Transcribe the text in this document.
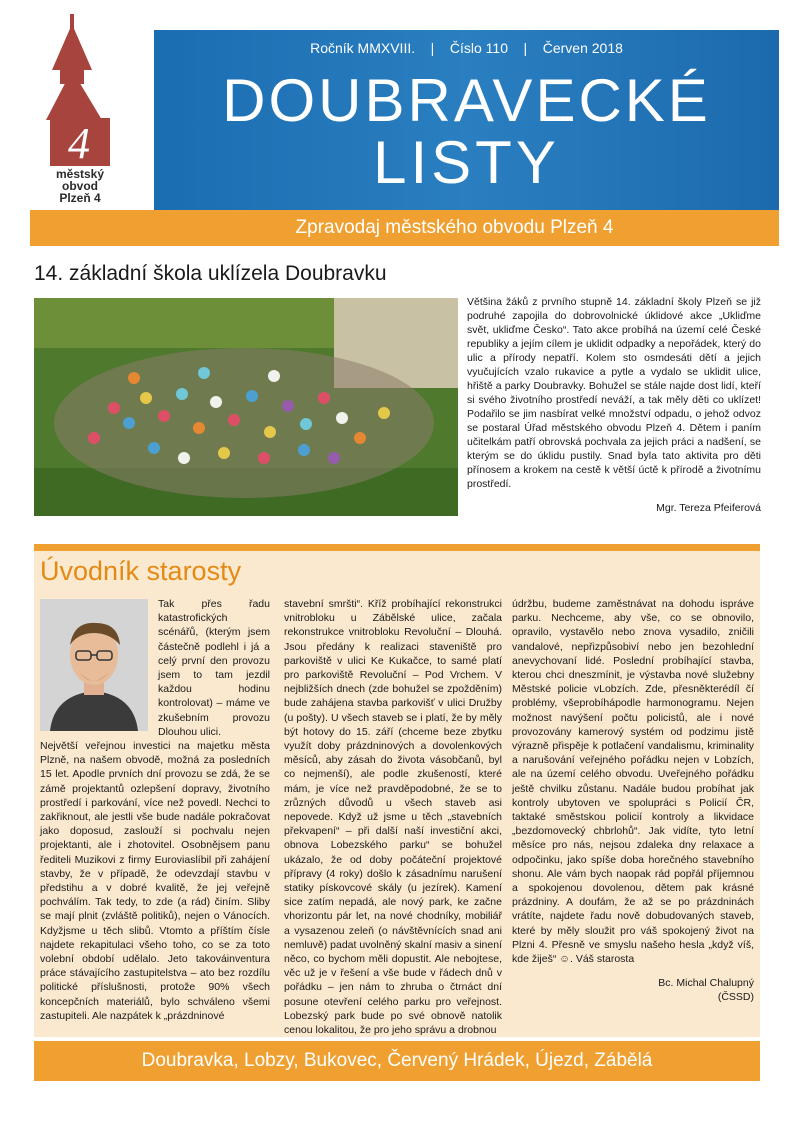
4
městský
obvod
Plzeň 4
Ročník MMXVIII.    |    Číslo 110    |    Červen 2018
DOUBRAVECKÉ
LISTY
Zpravodaj městského obvodu Plzeň 4
14. základní škola uklízela Doubravku
Většina žáků z prvního stupně 14. základní školy Plzeň se již podruhé zapojila do dobrovolnické úklidové akce „Ukliďme svět, ukliďme Česko“. Tato akce probíhá na území celé České republiky a jejím cílem je uklidit odpadky a nepořádek, který do ulic a přírody nepatří. Kolem sto osmdesáti dětí a jejich vyučujících vzalo rukavice a pytle a vydalo se uklidit ulice, hřiště a parky Doubravky. Bohužel se stále najde dost lidí, kteří si svého životního prostředí neváží, a tak měly děti co uklízet! Podařilo se jim nasbírat velké množství odpadu, o jehož odvoz se postaral Úřad městského obvodu Plzeň 4. Dětem i paním učitelkám patří obrovská pochvala za jejich práci a nadšení, se kterým se do úklidu pustily. Snad byla tato aktivita pro děti přínosem a krokem na cestě k větší úctě k přírodě a životnímu prostředí.
Mgr. Tereza Pfeiferová
Úvodník starosty

Tak přes řadu katastrofických scénářů, (kterým jsem částečně podlehl i já a celý první den provozu jsem to tam jezdil každou hodinu kontrolovat) – máme ve zkušebním provozu Dlouhou ulici.

Největší veřejnou investici na majetku města Plzně, na našem obvodě, možná za posledních 15 let. Apodle prvních dní provozu se zdá, že se zámě projektantů ozlepšení dopravy, životního prostředí i parkování, více než povedl. Nechci to zakřiknout, ale jestli vše bude nadále pokračovat jako doposud, zaslouží si pochvalu nejen projektanti, ale i zhotovitel. Osobnějsem panu řediteli Muzikovi z firmy Euroviaslíbil při zahájení stavby, že v případě, že odevzdají stavbu v předstihu a v dobré kvalitě, že jej veřejně pochválím. Tak tedy, to zde (a rád) činím. Sliby se mají plnit (zvláště politiků), nejen o Vánocích. Kdyžjsme u těch slibů. Vtomto a příštím čísle najdete rekapitulaci všeho toho, co se za toto volební období udělalo. Jeto takováinventura práce stávajícího zastupitelstva – ato bez rozdílu politické příslušnosti, protože 90% všech koncepčních materiálů, bylo schváleno všemi zastupiteli. Ale nazpátek k „prázdninové

stavební smršti“. Kříž probíhající rekonstrukci vnitrobloku u Zábělské ulice, začala rekonstrukce vnitrobloku Revoluční – Dlouhá. Jsou předány k realizaci staveniště pro parkoviště v ulici Ke Kukačce, to samé platí pro parkoviště Revoluční – Pod Vrchem. V nejbližších dnech (zde bohužel se zpožděním) bude zahájena stavba parkovišť v ulici Družby (u pošty). U všech staveb se i platí, že by měly být hotovy do 15. září (chceme beze zbytku využít doby prázdninových a dovolenkových měsíců, aby zásah do života vásobčanů, byl co nejmenší), ale podle zkušeností, které mám, je více než pravděpodobné, že se to zrůzných důvodů u všech staveb asi nepovede. Když už jsme u těch „stavebních překvapení“ – při další naší investiční akci, obnova Lobezského parku“ se bohužel ukázalo, že od doby počáteční projektové přípravy (4 roky) došlo k zásadnímu narušení statiky pískovcové skály (u jezírek). Kamení sice zatím nepadá, ale nový park, ke začne vhorizontu pár let, na nové chodníky, mobiliář a vysazenou zeleň (o návštěvnících snad ani nemluvě) padat uvolněný skalní masiv a sinení něco, co bychom měli dopustit. Ale nebojtese, věc už je v řešení a vše bude v řádech dnů v pořádku – jen nám to zhruba o čtrnáct dní posune otevření celého parku pro veřejnost. Lobezský park bude po své obnově natolik cenou lokalitou, že pro jeho správu a drobnou

údržbu, budeme zaměstnávat na dohodu ispráve parku. Nechceme, aby vše, co se obnovilo, opravilo, vystavělo nebo znova vysadilo, zničili vandalové, nepřizpůsobiví nebo jen bezohlední anevychovaní lidé. Poslední probíhající stavba, kterou chci dneszmínit, je výstavba nové služebny Městské policie vLobzích. Zde, přesněkterédíl čí problémy, všeprobíhápodle harmonogramu. Nejen možnost navýšení počtu policistů, ale i nové provozovány kamerový systém od podzimu jistě výrazně přispěje k potlačení vandalismu, kriminality a narušování veřejného pořádku nejen v Lobzích, ale na území celého obvodu. Uveřejného pořádku ještě chvilku zůstanu. Nadále budou probíhat jak kontroly ubytoven ve spolupráci s Policií ČR, taktaké směstskou policií kontroly a likvidace „bezdomovecký chbrlohů“. Jak vidíte, tyto letní měsíce pro nás, nejsou zdaleka dny relaxace a odpočinku, jako spíše doba horečného stavebního shonu. Ale vám bych naopak rád popřál příjemnou a spokojenou dovolenou, dětem pak krásné prázdniny. A doufám, že až se po prázdninách vrátíte, najdete řadu nově dobudovaných staveb, které by měly sloužit pro váš spokojený život na Plzni 4. Přesně ve smyslu našeho hesla „když víš, kde žiješ“ ☺. Váš starosta

Bc. Michal Chalupný

(ČSSD)

Doubravka, Lobzy, Bukovec, Červený Hrádek, Újezd, Zábělá
